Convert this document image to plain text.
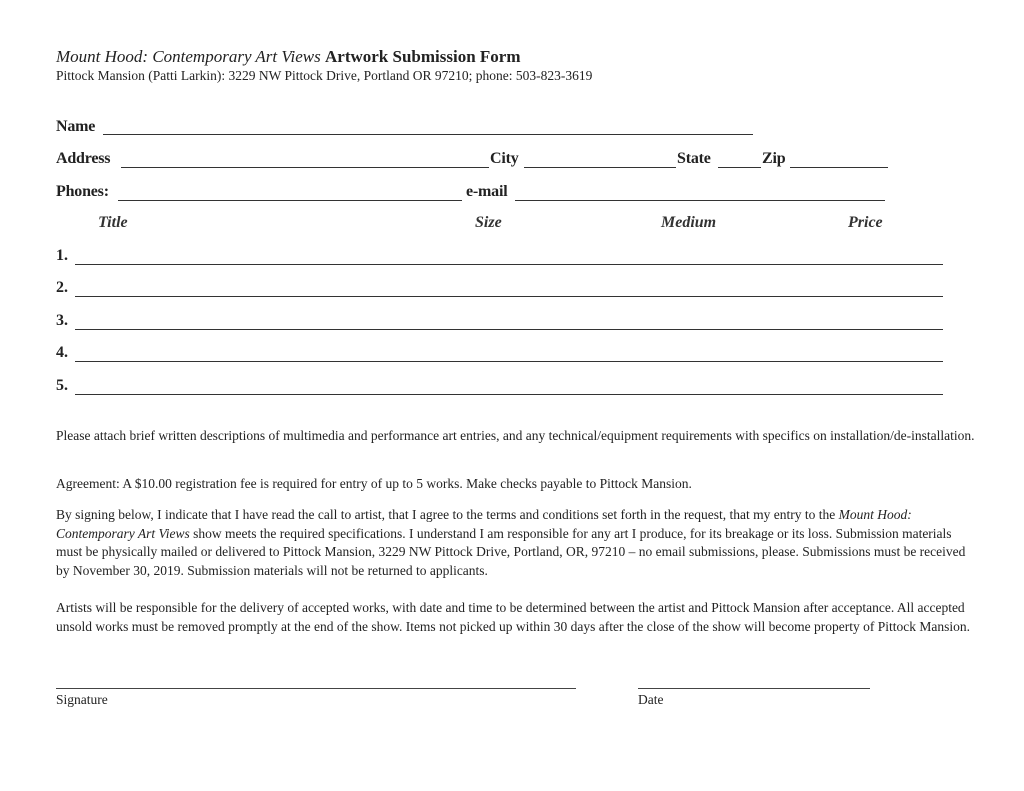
Mount Hood: Contemporary Art Views Artwork Submission Form
Pittock Mansion (Patti Larkin): 3229 NW Pittock Drive, Portland OR 97210; phone: 503-823-3619
Name
Address	City	State	Zip
Phones:	e-mail
Title	Size	Medium	Price
1.
2.
3.
4.
5.
Please attach brief written descriptions of multimedia and performance art entries, and any technical/equipment requirements with specifics on installation/de-installation.
Agreement: A $10.00 registration fee is required for entry of up to 5 works. Make checks payable to Pittock Mansion.
By signing below, I indicate that I have read the call to artist, that I agree to the terms and conditions set forth in the request, that my entry to the Mount Hood: Contemporary Art Views show meets the required specifications. I understand I am responsible for any art I produce, for its breakage or its loss. Submission materials must be physically mailed or delivered to Pittock Mansion, 3229 NW Pittock Drive, Portland, OR, 97210 – no email submissions, please. Submissions must be received by November 30, 2019. Submission materials will not be returned to applicants.
Artists will be responsible for the delivery of accepted works, with date and time to be determined between the artist and Pittock Mansion after acceptance. All accepted unsold works must be removed promptly at the end of the show. Items not picked up within 30 days after the close of the show will become property of Pittock Mansion.
Signature	Date
